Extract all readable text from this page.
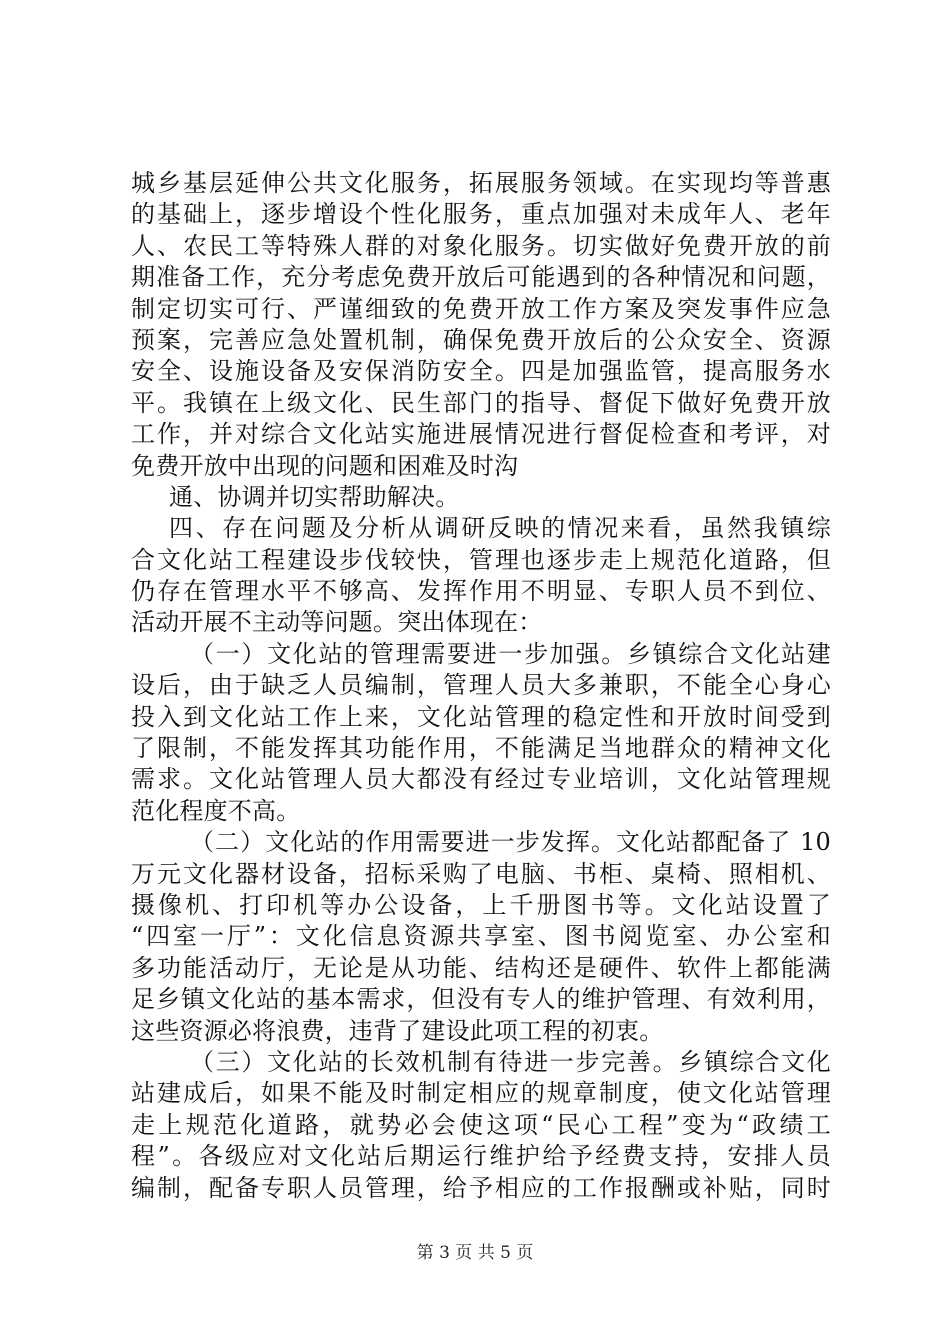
城乡基层延伸公共文化服务，拓展服务领域。在实现均等普惠
的基础上，逐步增设个性化服务，重点加强对未成年人、老年
人、农民工等特殊人群的对象化服务。切实做好免费开放的前
期准备工作，充分考虑免费开放后可能遇到的各种情况和问题，
制定切实可行、严谨细致的免费开放工作方案及突发事件应急
预案，完善应急处置机制，确保免费开放后的公众安全、资源
安全、设施设备及安保消防安全。四是加强监管，提高服务水
平。我镇在上级文化、民生部门的指导、督促下做好免费开放
工作，并对综合文化站实施进展情况进行督促检查和考评，对
免费开放中出现的问题和困难及时沟
通、协调并切实帮助解决。
四、存在问题及分析从调研反映的情况来看，虽然我镇综
合文化站工程建设步伐较快，管理也逐步走上规范化道路，但
仍存在管理水平不够高、发挥作用不明显、专职人员不到位、
活动开展不主动等问题。突出体现在：
（一）文化站的管理需要进一步加强。乡镇综合文化站建
设后，由于缺乏人员编制，管理人员大多兼职，不能全心身心
投入到文化站工作上来，文化站管理的稳定性和开放时间受到
了限制，不能发挥其功能作用，不能满足当地群众的精神文化
需求。文化站管理人员大都没有经过专业培训，文化站管理规
范化程度不高。
（二）文化站的作用需要进一步发挥。文化站都配备了 10
万元文化器材设备，招标采购了电脑、书柜、桌椅、照相机、
摄像机、打印机等办公设备，上千册图书等。文化站设置了
“四室一厅”：文化信息资源共享室、图书阅览室、办公室和
多功能活动厅，无论是从功能、结构还是硬件、软件上都能满
足乡镇文化站的基本需求，但没有专人的维护管理、有效利用，
这些资源必将浪费，违背了建设此项工程的初衷。
（三）文化站的长效机制有待进一步完善。乡镇综合文化
站建成后，如果不能及时制定相应的规章制度，使文化站管理
走上规范化道路，就势必会使这项“民心工程”变为“政绩工
程”。各级应对文化站后期运行维护给予经费支持，安排人员
编制，配备专职人员管理，给予相应的工作报酬或补贴，同时
第 3 页 共 5 页
